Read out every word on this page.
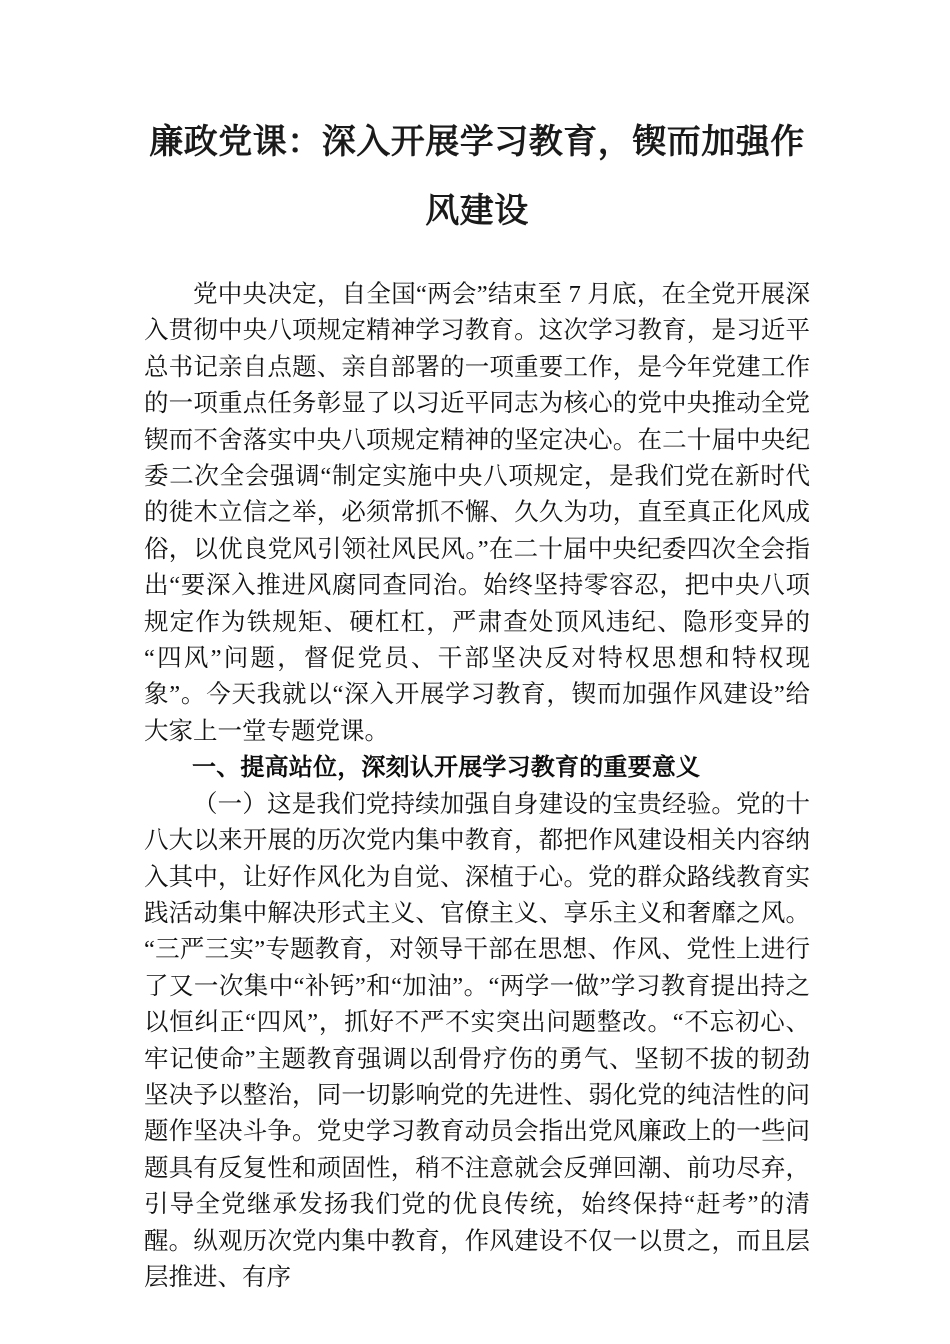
廉政党课：深入开展学习教育，锲而加强作风建设

党中央决定，自全国“两会”结束至 7 月底，在全党开展深入贯彻中央八项规定精神学习教育。这次学习教育，是习近平总书记亲自点题、亲自部署的一项重要工作，是今年党建工作的一项重点任务彰显了以习近平同志为核心的党中央推动全党锲而不舍落实中央八项规定精神的坚定决心。在二十届中央纪委二次全会强调“制定实施中央八项规定，是我们党在新时代的徙木立信之举，必须常抓不懈、久久为功，直至真正化风成俗，以优良党风引领社风民风。”在二十届中央纪委四次全会指出“要深入推进风腐同查同治。始终坚持零容忍，把中央八项规定作为铁规矩、硬杠杠，严肃查处顶风违纪、隐形变异的“四风”问题，督促党员、干部坚决反对特权思想和特权现象”。今天我就以“深入开展学习教育，锲而加强作风建设”给大家上一堂专题党课。

一、提高站位，深刻认开展学习教育的重要意义

（一）这是我们党持续加强自身建设的宝贵经验。党的十八大以来开展的历次党内集中教育，都把作风建设相关内容纳入其中，让好作风化为自觉、深植于心。党的群众路线教育实践活动集中解决形式主义、官僚主义、享乐主义和奢靡之风。“三严三实”专题教育，对领导干部在思想、作风、党性上进行了又一次集中“补钙”和“加油”。“两学一做”学习教育提出持之以恒纠正“四风”，抓好不严不实突出问题整改。“不忘初心、牢记使命”主题教育强调以刮骨疗伤的勇气、坚韧不拔的韧劲坚决予以整治，同一切影响党的先进性、弱化党的纯洁性的问题作坚决斗争。党史学习教育动员会指出党风廉政上的一些问题具有反复性和顽固性，稍不注意就会反弹回潮、前功尽弃，引导全党继承发扬我们党的优良传统，始终保持“赶考”的清醒。纵观历次党内集中教育，作风建设不仅一以贯之，而且层层推进、有序
